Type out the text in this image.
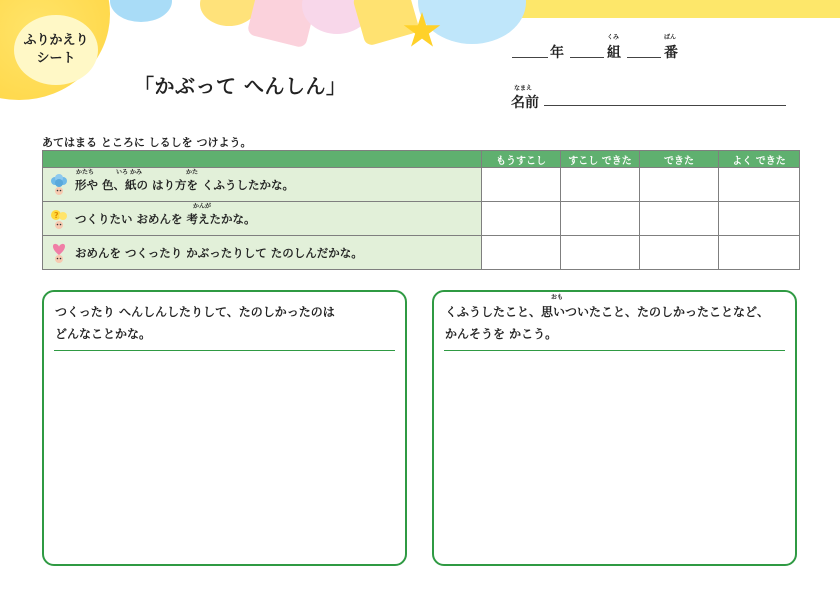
ふりかえり
シート
「かぶって へんしん」
年
くみ
組
ばん
番
なまえ
名前
あてはまる ところに しるしを つけよう。
	もうすこし	すこし できた	できた	よく できた

形や 色、紙の はり方を くふうしたかな。				

? つくりたい おめんを 考えたかな。				

おめんを つくったり かぶったりして たのしんだかな。				

かたち	いろ かみ	かた
かんが
つくったり へんしんしたりして、たのしかったのは
どんなことかな。
おも
くふうしたこと、思いついたこと、たのしかったことなど、
かんそうを かこう。
